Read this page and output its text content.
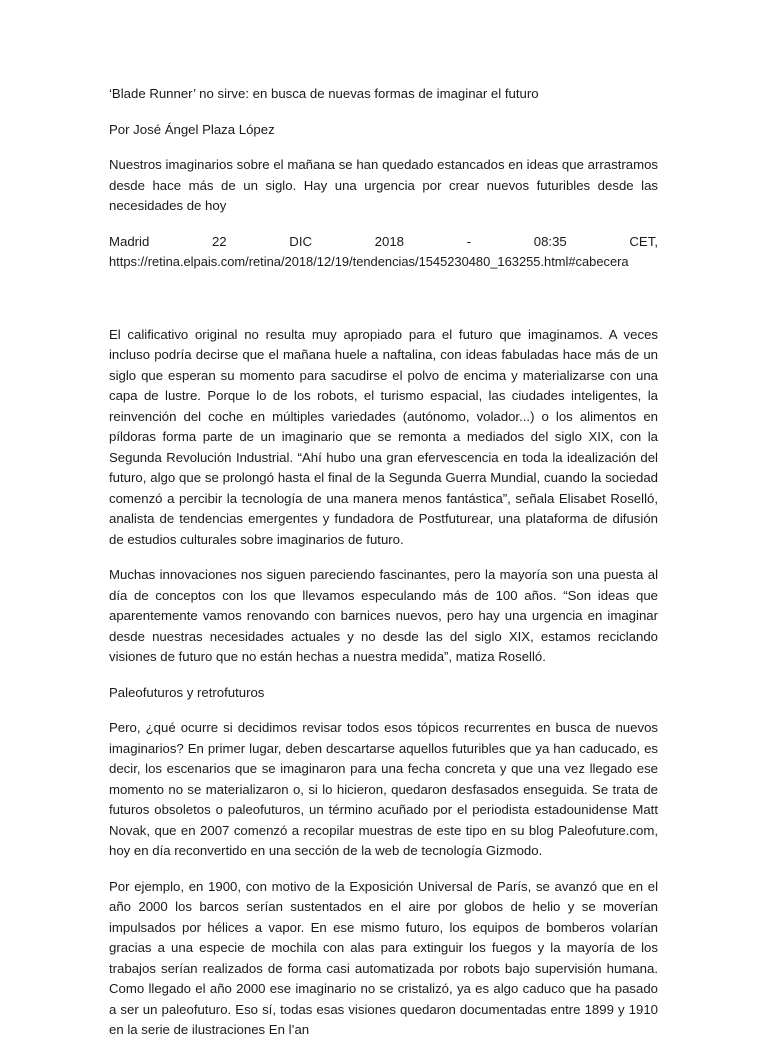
‘Blade Runner’ no sirve: en busca de nuevas formas de imaginar el futuro

Por José Ángel Plaza López

Nuestros imaginarios sobre el mañana se han quedado estancados en ideas que arrastramos desde hace más de un siglo. Hay una urgencia por crear nuevos futuribles desde las necesidades de hoy

Madrid	22	DIC	2018	-	08:35	CET,
https://retina.elpais.com/retina/2018/12/19/tendencias/1545230480_163255.html#cabecera

El calificativo original no resulta muy apropiado para el futuro que imaginamos. A veces incluso podría decirse que el mañana huele a naftalina, con ideas fabuladas hace más de un siglo que esperan su momento para sacudirse el polvo de encima y materializarse con una capa de lustre. Porque lo de los robots, el turismo espacial, las ciudades inteligentes, la reinvención del coche en múltiples variedades (autónomo, volador...) o los alimentos en píldoras forma parte de un imaginario que se remonta a mediados del siglo XIX, con la Segunda Revolución Industrial. “Ahí hubo una gran efervescencia en toda la idealización del futuro, algo que se prolongó hasta el final de la Segunda Guerra Mundial, cuando la sociedad comenzó a percibir la tecnología de una manera menos fantástica”, señala Elisabet Roselló, analista de tendencias emergentes y fundadora de Postfuturear, una plataforma de difusión de estudios culturales sobre imaginarios de futuro.

Muchas innovaciones nos siguen pareciendo fascinantes, pero la mayoría son una puesta al día de conceptos con los que llevamos especulando más de 100 años. “Son ideas que aparentemente vamos renovando con barnices nuevos, pero hay una urgencia en imaginar desde nuestras necesidades actuales y no desde las del siglo XIX, estamos reciclando visiones de futuro que no están hechas a nuestra medida”, matiza Roselló.

Paleofuturos y retrofuturos

Pero, ¿qué ocurre si decidimos revisar todos esos tópicos recurrentes en busca de nuevos imaginarios? En primer lugar, deben descartarse aquellos futuribles que ya han caducado, es decir, los escenarios que se imaginaron para una fecha concreta y que una vez llegado ese momento no se materializaron o, si lo hicieron, quedaron desfasados enseguida. Se trata de futuros obsoletos o paleofuturos, un término acuñado por el periodista estadounidense Matt Novak, que en 2007 comenzó a recopilar muestras de este tipo en su blog Paleofuture.com, hoy en día reconvertido en una sección de la web de tecnología Gizmodo.

Por ejemplo, en 1900, con motivo de la Exposición Universal de París, se avanzó que en el año 2000 los barcos serían sustentados en el aire por globos de helio y se moverían impulsados por hélices a vapor. En ese mismo futuro, los equipos de bomberos volarían gracias a una especie de mochila con alas para extinguir los fuegos y la mayoría de los trabajos serían realizados de forma casi automatizada por robots bajo supervisión humana. Como llegado el año 2000 ese imaginario no se cristalizó, ya es algo caduco que ha pasado a ser un paleofuturo. Eso sí, todas esas visiones quedaron documentadas entre 1899 y 1910 en la serie de ilustraciones En l’an
